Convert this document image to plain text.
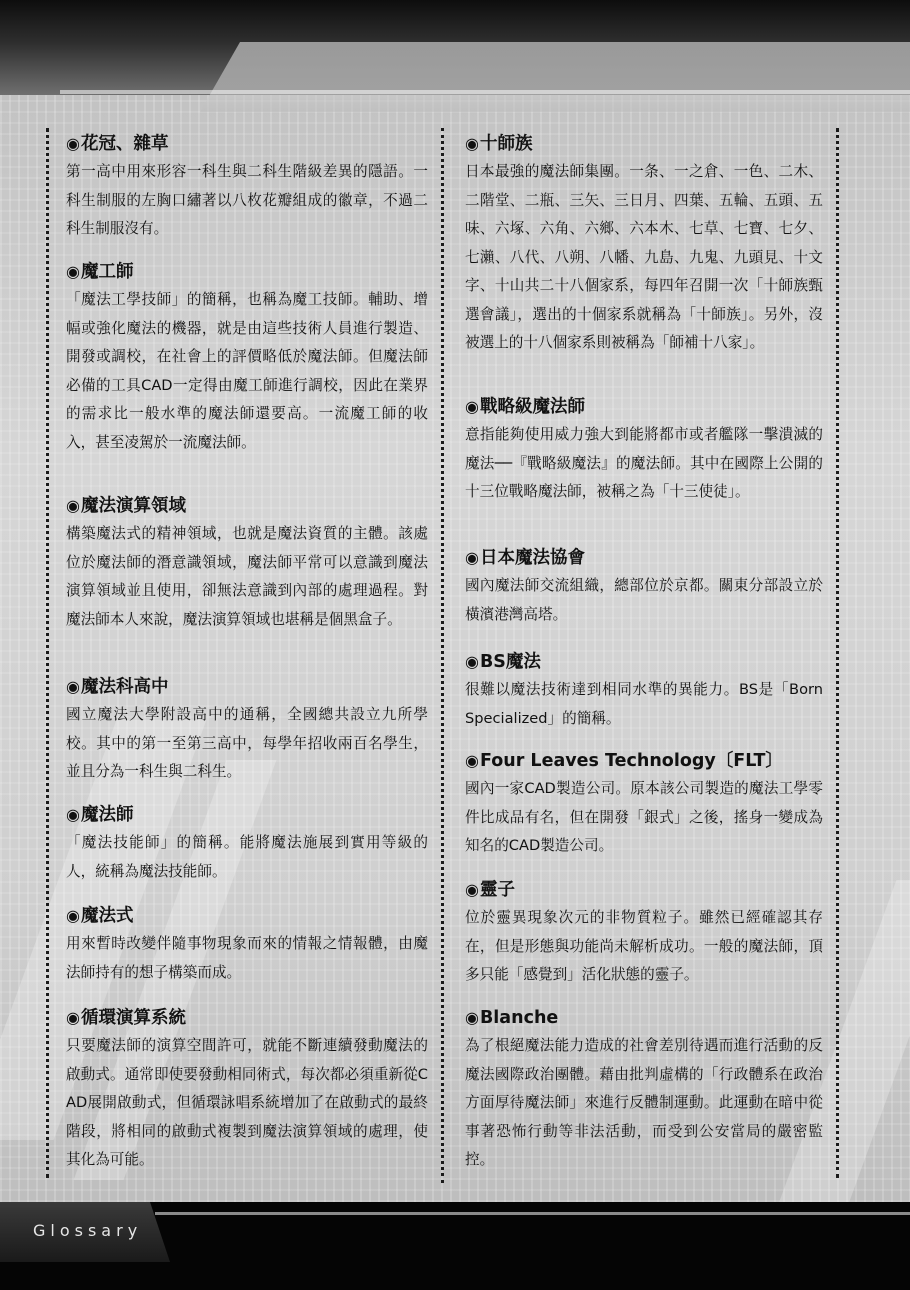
◉花冠、雜草

第一高中用來形容一科生與二科生階級差異的隱語。一科生制服的左胸口繡著以八枚花瓣組成的徽章，不過二科生制服沒有。

◉魔工師

「魔法工學技師」的簡稱，也稱為魔工技師。輔助、增幅或強化魔法的機器，就是由這些技術人員進行製造、開發或調校，在社會上的評價略低於魔法師。但魔法師必備的工具CAD一定得由魔工師進行調校，因此在業界的需求比一般水準的魔法師還要高。一流魔工師的收入，甚至凌駕於一流魔法師。

◉魔法演算領域

構築魔法式的精神領域，也就是魔法資質的主體。該處位於魔法師的潛意識領域，魔法師平常可以意識到魔法演算領域並且使用，卻無法意識到內部的處理過程。對魔法師本人來說，魔法演算領域也堪稱是個黑盒子。

◉魔法科高中

國立魔法大學附設高中的通稱，全國總共設立九所學校。其中的第一至第三高中，每學年招收兩百名學生，並且分為一科生與二科生。

◉魔法師

「魔法技能師」的簡稱。能將魔法施展到實用等級的人，統稱為魔法技能師。

◉魔法式

用來暫時改變伴隨事物現象而來的情報之情報體，由魔法師持有的想子構築而成。

◉循環演算系統

只要魔法師的演算空間許可，就能不斷連續發動魔法的啟動式。通常即使要發動相同術式，每次都必須重新從CAD展開啟動式，但循環詠唱系統增加了在啟動式的最終階段，將相同的啟動式複製到魔法演算領域的處理，使其化為可能。

◉十師族

日本最強的魔法師集團。一条、一之倉、一色、二木、二階堂、二瓶、三矢、三日月、四葉、五輪、五頭、五味、六塚、六角、六鄉、六本木、七草、七寶、七夕、七瀨、八代、八朔、八幡、九島、九鬼、九頭見、十文字、十山共二十八個家系，每四年召開一次「十師族甄選會議」，選出的十個家系就稱為「十師族」。另外，沒被選上的十八個家系則被稱為「師補十八家」。

◉戰略級魔法師

意指能夠使用威力強大到能將都市或者艦隊一擊潰滅的魔法──『戰略級魔法』的魔法師。其中在國際上公開的十三位戰略魔法師，被稱之為「十三使徒」。

◉日本魔法協會

國內魔法師交流組織，總部位於京都。關東分部設立於橫濱港灣高塔。

◉BS魔法

很難以魔法技術達到相同水準的異能力。BS是「Born Specialized」的簡稱。

◉Four Leaves Technology〔FLT〕

國內一家CAD製造公司。原本該公司製造的魔法工學零件比成品有名，但在開發「銀式」之後，搖身一變成為知名的CAD製造公司。

◉靈子

位於靈異現象次元的非物質粒子。雖然已經確認其存在，但是形態與功能尚未解析成功。一般的魔法師，頂多只能「感覺到」活化狀態的靈子。

◉Blanche

為了根絕魔法能力造成的社會差別待遇而進行活動的反魔法國際政治團體。藉由批判虛構的「行政體系在政治方面厚待魔法師」來進行反體制運動。此運動在暗中從事著恐怖行動等非法活動，而受到公安當局的嚴密監控。

Glossary
